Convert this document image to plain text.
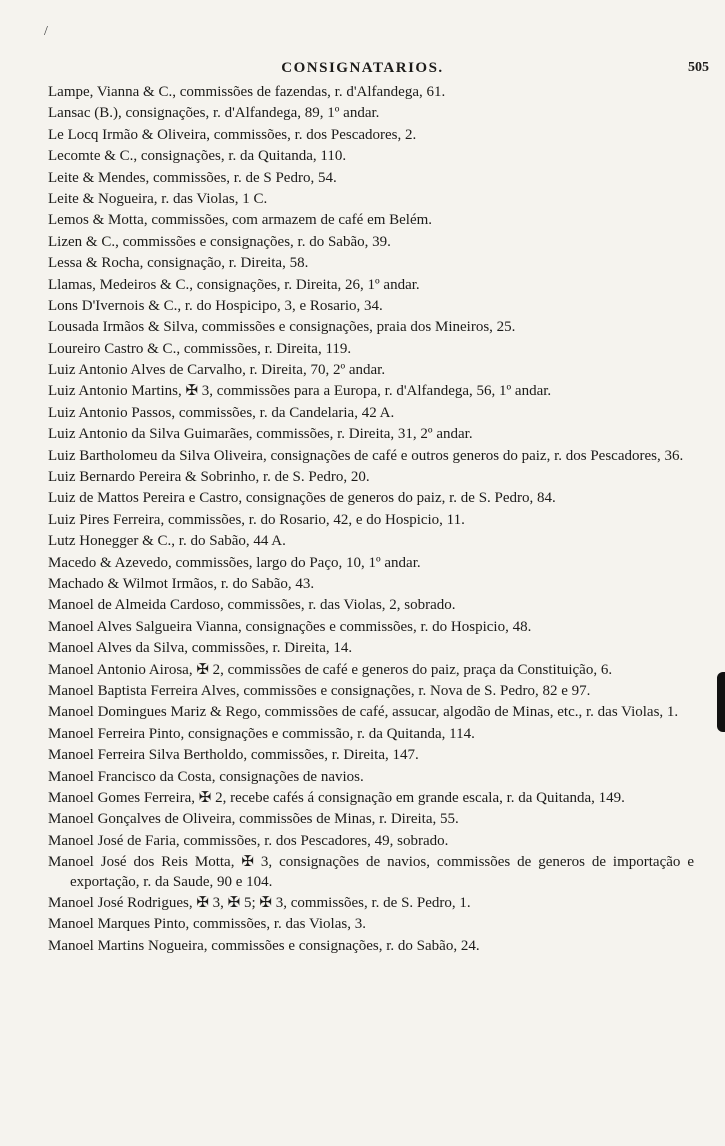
/
CONSIGNATARIOS.	505
Lampe, Vianna & C., commissões de fazendas, r. d'Alfandega, 61.
Lansac (B.), consignações, r. d'Alfandega, 89, 1º andar.
Le Locq Irmão & Oliveira, commissões, r. dos Pescadores, 2.
Lecomte & C., consignações, r. da Quitanda, 110.
Leite & Mendes, commissões, r. de S Pedro, 54.
Leite & Nogueira, r. das Violas, 1 C.
Lemos & Motta, commissões, com armazem de café em Belém.
Lizen & C., commissões e consignações, r. do Sabão, 39.
Lessa & Rocha, consignação, r. Direita, 58.
Llamas, Medeiros & C., consignações, r. Direita, 26, 1º andar.
Lons D'Ivernois & C., r. do Hospicipo, 3, e Rosario, 34.
Lousada Irmãos & Silva, commissões e consignações, praia dos Mineiros, 25.
Loureiro Castro & C., commissões, r. Direita, 119.
Luiz Antonio Alves de Carvalho, r. Direita, 70, 2º andar.
Luiz Antonio Martins, ✠ 3, commissões para a Europa, r. d'Alfandega, 56, 1º andar.
Luiz Antonio Passos, commissões, r. da Candelaria, 42 A.
Luiz Antonio da Silva Guimarães, commissões, r. Direita, 31, 2º andar.
Luiz Bartholomeu da Silva Oliveira, consignações de café e outros generos do paiz, r. dos Pescadores, 36.
Luiz Bernardo Pereira & Sobrinho, r. de S. Pedro, 20.
Luiz de Mattos Pereira e Castro, consignações de generos do paiz, r. de S. Pedro, 84.
Luiz Pires Ferreira, commissões, r. do Rosario, 42, e do Hospicio, 11.
Lutz Honegger & C., r. do Sabão, 44 A.
Macedo & Azevedo, commissões, largo do Paço, 10, 1º andar.
Machado & Wilmot Irmãos, r. do Sabão, 43.
Manoel de Almeida Cardoso, commissões, r. das Violas, 2, sobrado.
Manoel Alves Salgueira Vianna, consignações e commissões, r. do Hospicio, 48.
Manoel Alves da Silva, commissões, r. Direita, 14.
Manoel Antonio Airosa, ✠ 2, commissões de café e generos do paiz, praça da Constituição, 6.
Manoel Baptista Ferreira Alves, commissões e consignações, r. Nova de S. Pedro, 82 e 97.
Manoel Domingues Mariz & Rego, commissões de café, assucar, algodão de Minas, etc., r. das Violas, 1.
Manoel Ferreira Pinto, consignações e commissão, r. da Quitanda, 114.
Manoel Ferreira Silva Bertholdo, commissões, r. Direita, 147.
Manoel Francisco da Costa, consignações de navios.
Manoel Gomes Ferreira, ✠ 2, recebe cafés á consignação em grande escala, r. da Quitanda, 149.
Manoel Gonçalves de Oliveira, commissões de Minas, r. Direita, 55.
Manoel José de Faria, commissões, r. dos Pescadores, 49, sobrado.
Manoel José dos Reis Motta, ✠ 3, consignações de navios, commissões de generos de importação e exportação, r. da Saude, 90 e 104.
Manoel José Rodrigues, ✠ 3, ✠ 5; ✠ 3, commissões, r. de S. Pedro, 1.
Manoel Marques Pinto, commissões, r. das Violas, 3.
Manoel Martins Nogueira, commissões e consignações, r. do Sabão, 24.
